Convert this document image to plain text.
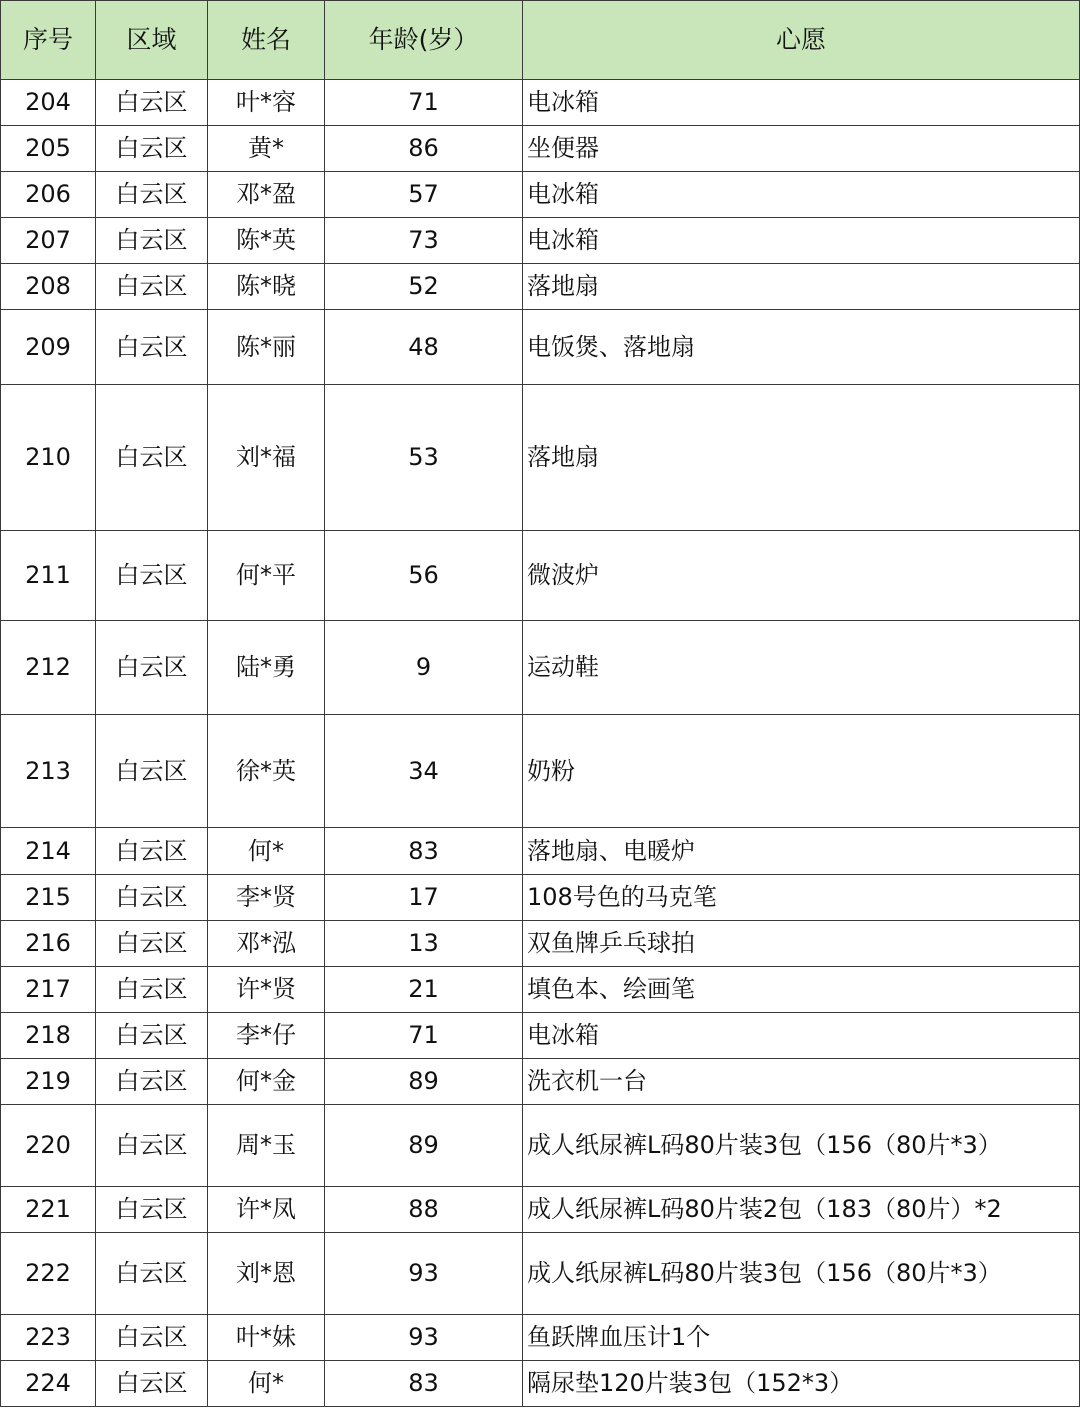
序号	区域	姓名	年龄(岁）	心愿
204	白云区	叶*容	71	电冰箱
205	白云区	黄*	86	坐便器
206	白云区	邓*盈	57	电冰箱
207	白云区	陈*英	73	电冰箱
208	白云区	陈*晓	52	落地扇
209	白云区	陈*丽	48	电饭煲、落地扇
210	白云区	刘*福	53	落地扇
211	白云区	何*平	56	微波炉
212	白云区	陆*勇	9	运动鞋
213	白云区	徐*英	34	奶粉
214	白云区	何*	83	落地扇、电暖炉
215	白云区	李*贤	17	108号色的马克笔
216	白云区	邓*泓	13	双鱼牌乒乓球拍
217	白云区	许*贤	21	填色本、绘画笔
218	白云区	李*仔	71	电冰箱
219	白云区	何*金	89	洗衣机一台
220	白云区	周*玉	89	成人纸尿裤L码80片装3包（156（80片*3）
221	白云区	许*凤	88	成人纸尿裤L码80片装2包（183（80片）*2
222	白云区	刘*恩	93	成人纸尿裤L码80片装3包（156（80片*3）
223	白云区	叶*妹	93	鱼跃牌血压计1个
224	白云区	何*	83	隔尿垫120片装3包（152*3）
